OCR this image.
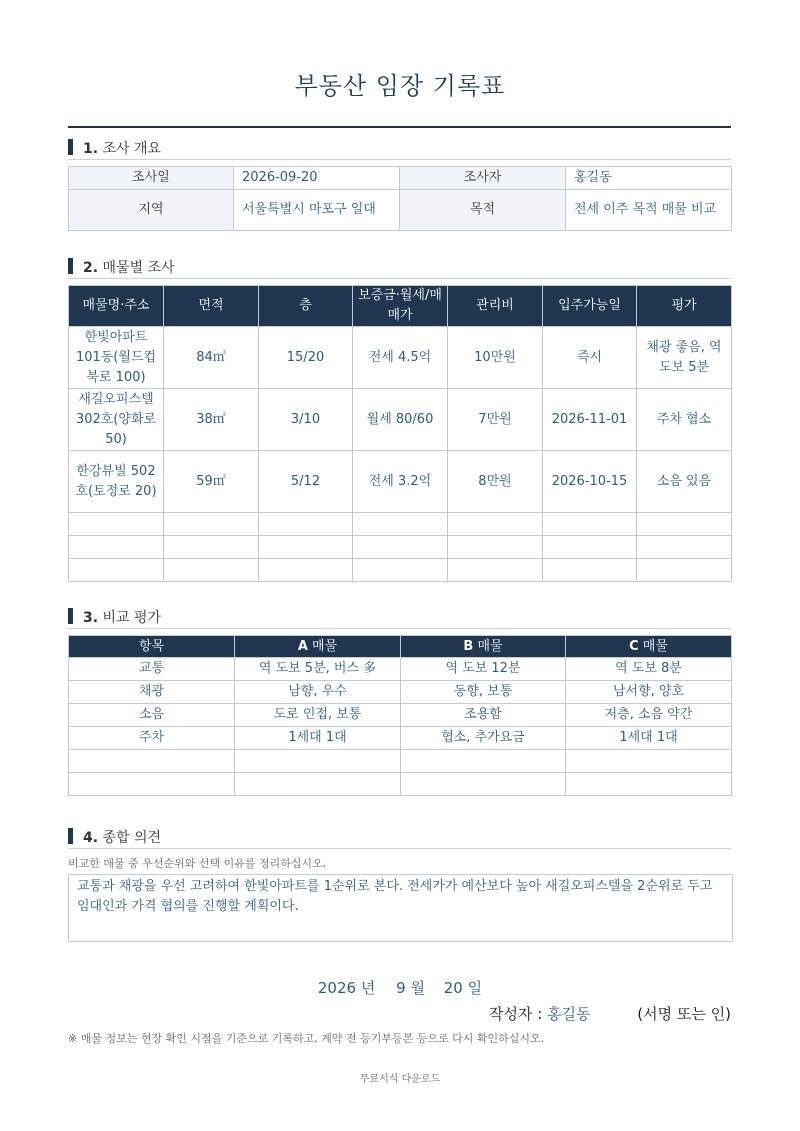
부동산 임장 기록표
1. 조사 개요
조사일	2026-09-20	조사자	홍길동
지역	서울특별시 마포구 일대	목적	전세 이주 목적 매물 비교
2. 매물별 조사
매물명·주소	면적	층	보증금·월세/매매가	관리비	입주가능일	평가
한빛아파트 101동(월드컵북로 100)	84㎡	15/20	전세 4.5억	10만원	즉시	채광 좋음, 역 도보 5분
새길오피스텔 302호(양화로 50)	38㎡	3/10	월세 80/60	7만원	2026-11-01	주차 협소
한강뷰빌 502호(토정로 20)	59㎡	5/12	전세 3.2억	8만원	2026-10-15	소음 있음

3. 비교 평가
항목	A 매물	B 매물	C 매물
교통	역 도보 5분, 버스 多	역 도보 12분	역 도보 8분
채광	남향, 우수	동향, 보통	남서향, 양호
소음	도로 인접, 보통	조용함	저층, 소음 약간
주차	1세대 1대	협소, 추가요금	1세대 1대

4. 종합 의견
비교한 매물 중 우선순위와 선택 이유를 정리하십시오.
교통과 채광을 우선 고려하여 한빛아파트를 1순위로 본다. 전세가가 예산보다 높아 새길오피스텔을 2순위로 두고 임대인과 가격 협의를 진행할 계획이다.
2026 년 9 월 20 일
작성자 : 홍길동	(서명 또는 인)
※ 매물 정보는 현장 확인 시점을 기준으로 기록하고, 계약 전 등기부등본 등으로 다시 확인하십시오.
무료서식 다운로드
